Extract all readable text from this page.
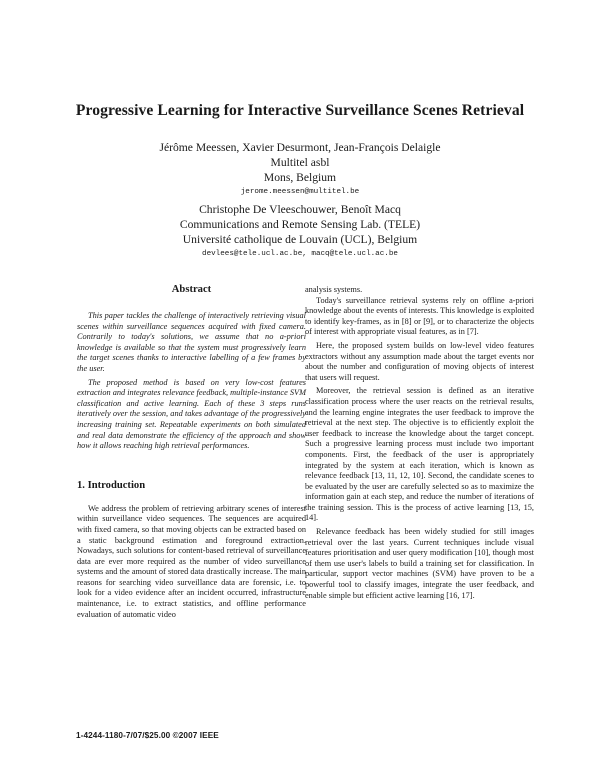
Progressive Learning for Interactive Surveillance Scenes Retrieval
Jérôme Meessen, Xavier Desurmont, Jean-François Delaigle
Multitel asbl
Mons, Belgium
jerome.meessen@multitel.be
Christophe De Vleeschouwer, Benoît Macq
Communications and Remote Sensing Lab. (TELE)
Université catholique de Louvain (UCL), Belgium
devlees@tele.ucl.ac.be, macq@tele.ucl.ac.be
Abstract

This paper tackles the challenge of interactively retrieving visual scenes within surveillance sequences acquired with fixed camera. Contrarily to today's solutions, we assume that no a-priori knowledge is available so that the system must progressively learn the target scenes thanks to interactive labelling of a few frames by the user.

The proposed method is based on very low-cost features extraction and integrates relevance feedback, multiple-instance SVM classification and active learning. Each of these 3 steps runs iteratively over the session, and takes advantage of the progressively increasing training set. Repeatable experiments on both simulated and real data demonstrate the efficiency of the approach and show how it allows reaching high retrieval performances.

1. Introduction

We address the problem of retrieving arbitrary scenes of interest within surveillance video sequences. The sequences are acquired with fixed camera, so that moving objects can be extracted based on a static background estimation and foreground extraction. Nowadays, such solutions for content-based retrieval of surveillance data are ever more required as the number of video surveillance systems and the amount of stored data drastically increase. The main reasons for searching video surveillance data are forensic, i.e. to look for a video evidence after an incident occurred, infrastructure maintenance, i.e. to extract statistics, and offline performance evaluation of automatic video

analysis systems.

Today's surveillance retrieval systems rely on offline a-priori knowledge about the events of interests. This knowledge is exploited to identify key-frames, as in [8] or [9], or to characterize the objects of interest with appropriate visual features, as in [7].

Here, the proposed system builds on low-level video features extractors without any assumption made about the target events nor about the number and configuration of moving objects of interest that users will request.

Moreover, the retrieval session is defined as an iterative classification process where the user reacts on the retrieval results, and the learning engine integrates the user feedback to improve the retrieval at the next step. The objective is to efficiently exploit the user feedback to increase the knowledge about the target concept. Such a progressive learning process must include two important components. First, the feedback of the user is appropriately integrated by the system at each iteration, which is known as relevance feedback [13, 11, 12, 10]. Second, the candidate scenes to be evaluated by the user are carefully selected so as to maximize the information gain at each step, and reduce the number of iterations of the training session. This is the process of active learning [13, 15, 14].

Relevance feedback has been widely studied for still images retrieval over the last years. Current techniques include visual features prioritisation and user query modification [10], though most of them use user's labels to build a training set for classification. In particular, support vector machines (SVM) have proven to be a powerful tool to classify images, integrate the user feedback, and enable simple but efficient active learning [16, 17].

1-4244-1180-7/07/$25.00 ©2007 IEEE
